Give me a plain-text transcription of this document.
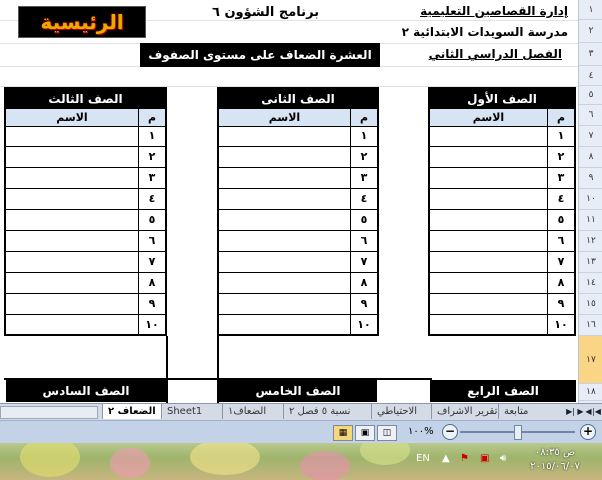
الرئيسية	برنامج الشؤون ٦	إدارة القصاصين التعليمية
مدرسة السويدات الابتدائية ٢
الفصل الدراسي الثاني
العشرة الضعاف على مستوى الصفوف
الصف الأول
الاسم	م
١
٢
٣
٤
٥
٦
٧
٨
٩
١٠
الصف الثانى
الاسم	م
١
٢
٣
٤
٥
٦
٧
٨
٩
١٠
الصف الثالث
الاسم	م
١
٢
٣
٤
٥
٦
٧
٨
٩
١٠
الصف الرابع
الصف الخامس
الصف السادس
١
٢
٣
٤
٥
٦
٧
٨
٩
١٠
١١
١٢
١٣
١٤
١٥
١٦
١٧
١٨
▶| ▶ ◀ |◀
متابعة
تقرير الاشراف
الاحتياطي
نسبة ٥ فصل ٢
الضعاف١
Sheet1
الضعاف ٢
▦	▣	◫	١٠٠% −	+
EN ▲ ⚑ ▣ 🔊︎
ص ٠٨:٣٥
٢٠١٥/٠٦/٠٧
